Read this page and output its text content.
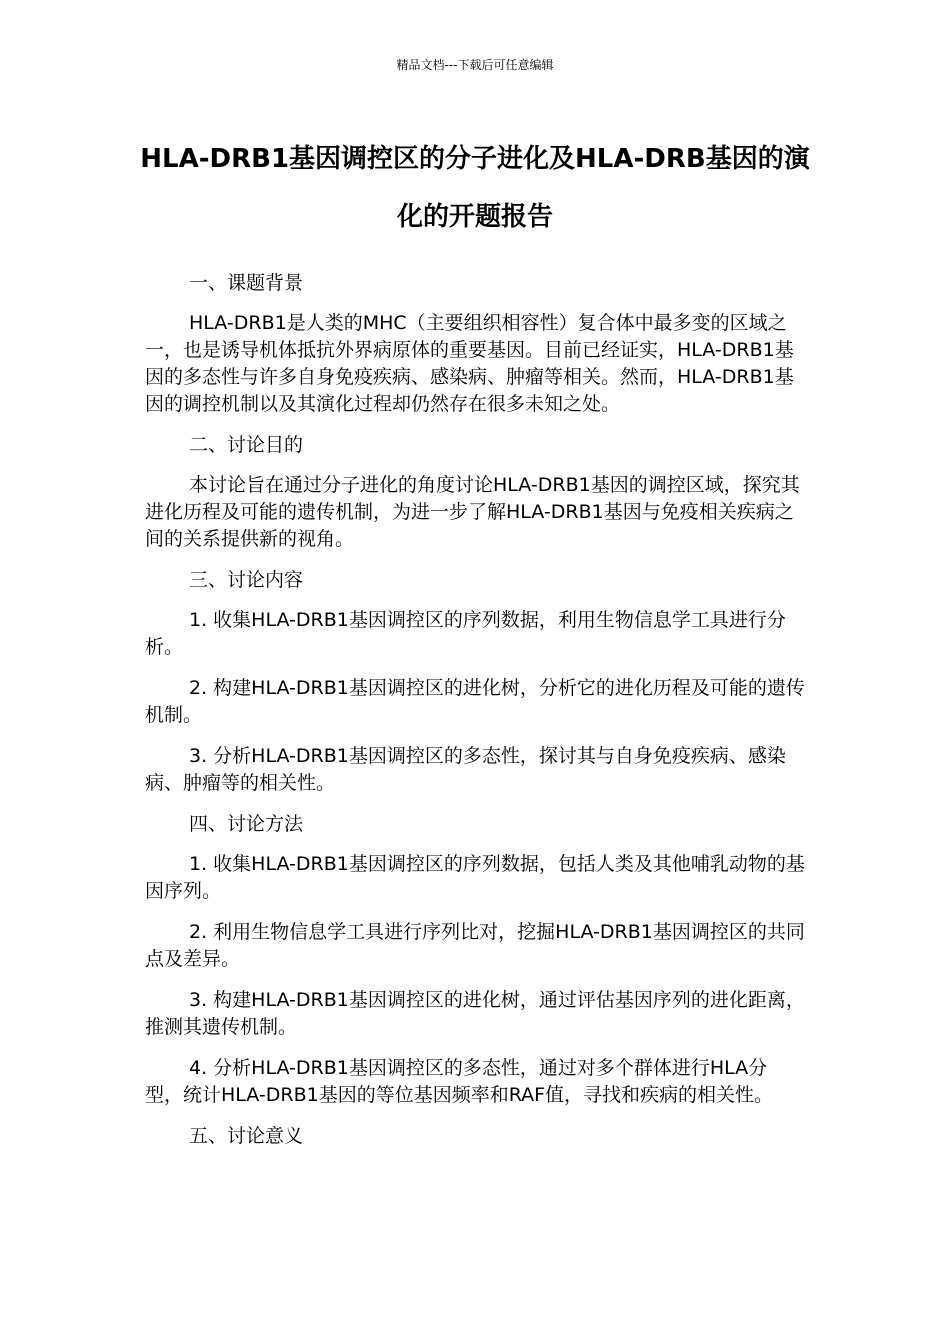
精品文档---下载后可任意编辑
HLA-DRB1基因调控区的分子进化及HLA-DRB基因的演化的开题报告

一、课题背景

HLA-DRB1是人类的MHC（主要组织相容性）复合体中最多变的区域之一，也是诱导机体抵抗外界病原体的重要基因。目前已经证实，HLA-DRB1基因的多态性与许多自身免疫疾病、感染病、肿瘤等相关。然而，HLA-DRB1基因的调控机制以及其演化过程却仍然存在很多未知之处。

二、讨论目的

本讨论旨在通过分子进化的角度讨论HLA-DRB1基因的调控区域，探究其进化历程及可能的遗传机制，为进一步了解HLA-DRB1基因与免疫相关疾病之间的关系提供新的视角。

三、讨论内容

1. 收集HLA-DRB1基因调控区的序列数据，利用生物信息学工具进行分析。

2. 构建HLA-DRB1基因调控区的进化树，分析它的进化历程及可能的遗传机制。

3. 分析HLA-DRB1基因调控区的多态性，探讨其与自身免疫疾病、感染病、肿瘤等的相关性。

四、讨论方法

1. 收集HLA-DRB1基因调控区的序列数据，包括人类及其他哺乳动物的基因序列。

2. 利用生物信息学工具进行序列比对，挖掘HLA-DRB1基因调控区的共同点及差异。

3. 构建HLA-DRB1基因调控区的进化树，通过评估基因序列的进化距离，推测其遗传机制。

4. 分析HLA-DRB1基因调控区的多态性，通过对多个群体进行HLA分型，统计HLA-DRB1基因的等位基因频率和RAF值，寻找和疾病的相关性。

五、讨论意义
